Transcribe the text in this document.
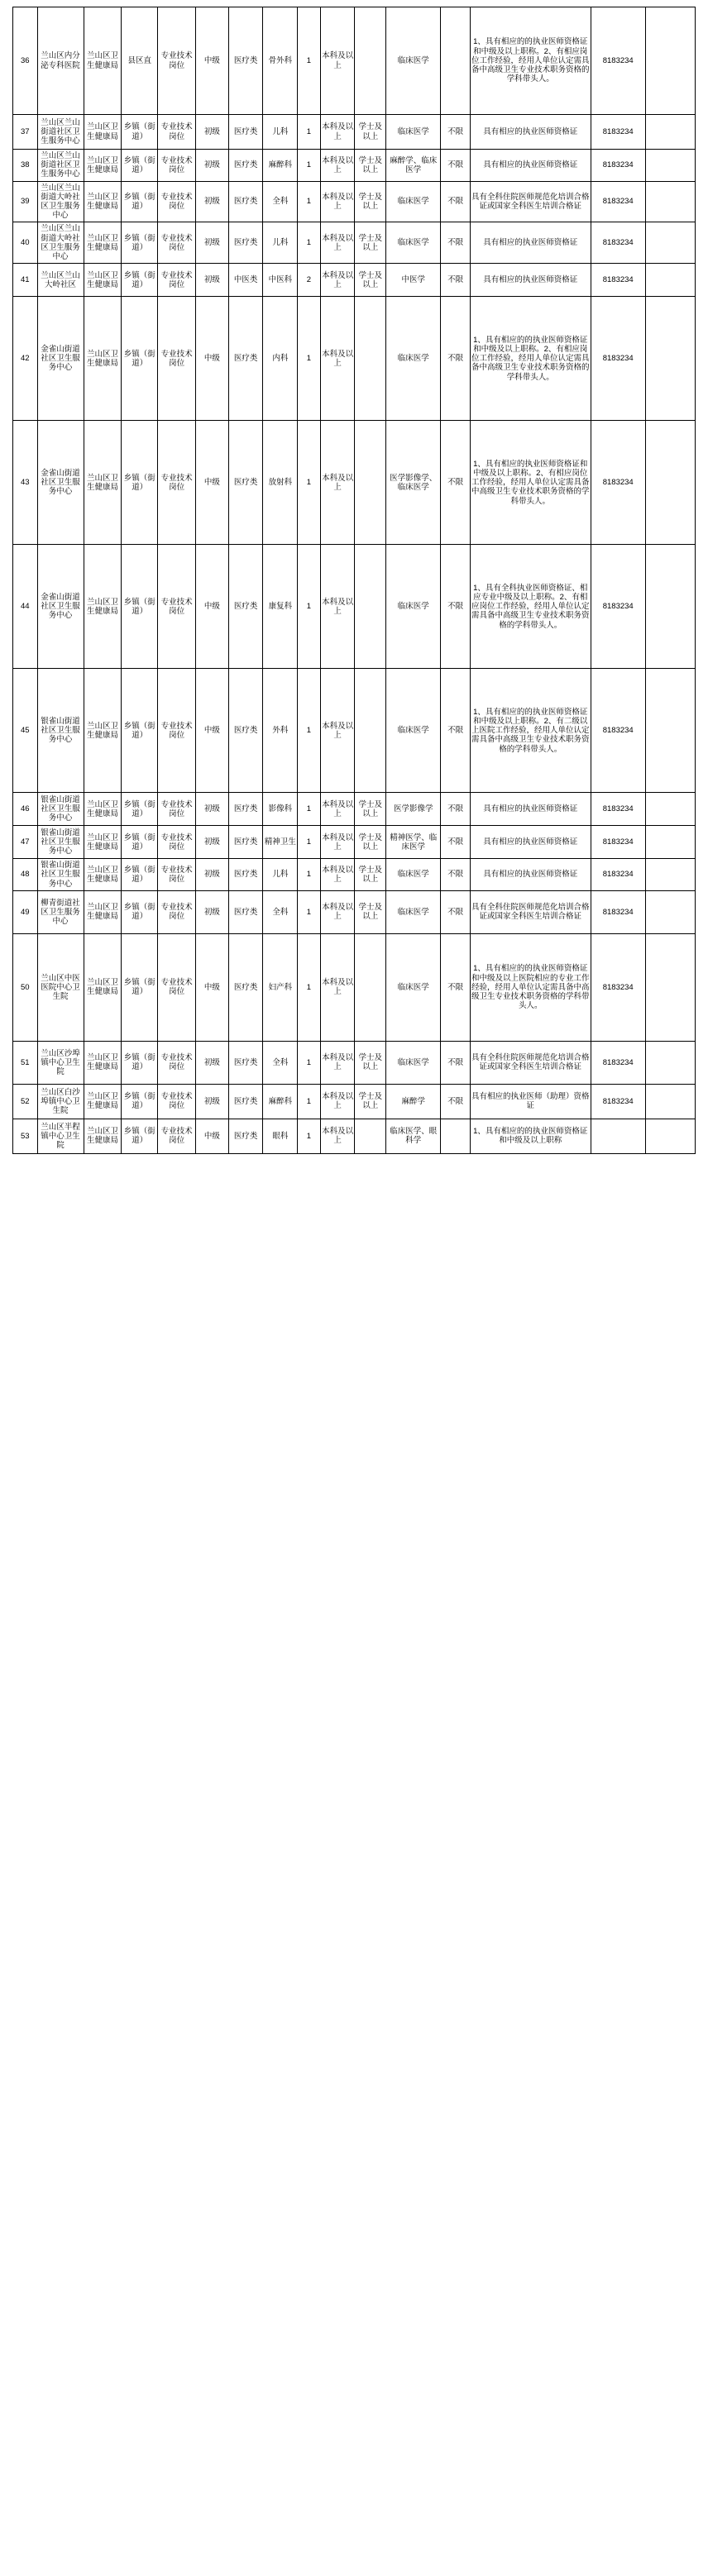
36	兰山区内分泌专科医院	兰山区卫生健康局	县区直	专业技术岗位	中级	医疗类	骨外科	1	本科及以上		临床医学		1、具有相应的的执业医师资格证和中级及以上职称。2、有相应岗位工作经验，经用人单位认定需具备中高级卫生专业技术职务资格的学科带头人。	8183234	
37	兰山区兰山街道社区卫生服务中心	兰山区卫生健康局	乡镇（街道）	专业技术岗位	初级	医疗类	儿科	1	本科及以上	学士及以上	临床医学	不限	具有相应的执业医师资格证	8183234	
38	兰山区兰山街道社区卫生服务中心	兰山区卫生健康局	乡镇（街道）	专业技术岗位	初级	医疗类	麻醉科	1	本科及以上	学士及以上	麻醉学、临床医学	不限	具有相应的执业医师资格证	8183234	
39	兰山区兰山街道大岭社区卫生服务中心	兰山区卫生健康局	乡镇（街道）	专业技术岗位	初级	医疗类	全科	1	本科及以上	学士及以上	临床医学	不限	具有全科住院医师规范化培训合格证或国家全科医生培训合格证	8183234	
40	兰山区兰山街道大岭社区卫生服务中心	兰山区卫生健康局	乡镇（街道）	专业技术岗位	初级	医疗类	儿科	1	本科及以上	学士及以上	临床医学	不限	具有相应的执业医师资格证	8183234	
41	兰山区兰山大岭社区	兰山区卫生健康局	乡镇（街道）	专业技术岗位	初级	中医类	中医科	2	本科及以上	学士及以上	中医学	不限	具有相应的执业医师资格证	8183234	
42	金雀山街道社区卫生服务中心	兰山区卫生健康局	乡镇（街道）	专业技术岗位	中级	医疗类	内科	1	本科及以上		临床医学	不限	1、具有相应的的执业医师资格证和中级及以上职称。2、有相应岗位工作经验，经用人单位认定需具备中高级卫生专业技术职务资格的学科带头人。	8183234	
43	金雀山街道社区卫生服务中心	兰山区卫生健康局	乡镇（街道）	专业技术岗位	中级	医疗类	放射科	1	本科及以上		医学影像学、临床医学	不限	1、具有相应的执业医师资格证和中级及以上职称。2、有相应岗位工作经验，经用人单位认定需具备中高级卫生专业技术职务资格的学科带头人。	8183234	
44	金雀山街道社区卫生服务中心	兰山区卫生健康局	乡镇（街道）	专业技术岗位	中级	医疗类	康复科	1	本科及以上		临床医学	不限	1、具有全科执业医师资格证、相应专业中级及以上职称。2、有相应岗位工作经验，经用人单位认定需具备中高级卫生专业技术职务资格的学科带头人。	8183234	
45	银雀山街道社区卫生服务中心	兰山区卫生健康局	乡镇（街道）	专业技术岗位	中级	医疗类	外科	1	本科及以上		临床医学	不限	1、具有相应的的执业医师资格证和中级及以上职称。2、有二级以上医院工作经验，经用人单位认定需具备中高级卫生专业技术职务资格的学科带头人。	8183234	
46	银雀山街道社区卫生服务中心	兰山区卫生健康局	乡镇（街道）	专业技术岗位	初级	医疗类	影像科	1	本科及以上	学士及以上	医学影像学	不限	具有相应的执业医师资格证	8183234	
47	银雀山街道社区卫生服务中心	兰山区卫生健康局	乡镇（街道）	专业技术岗位	初级	医疗类	精神卫生	1	本科及以上	学士及以上	精神医学、临床医学	不限	具有相应的执业医师资格证	8183234	
48	银雀山街道社区卫生服务中心	兰山区卫生健康局	乡镇（街道）	专业技术岗位	初级	医疗类	儿科	1	本科及以上	学士及以上	临床医学	不限	具有相应的执业医师资格证	8183234	
49	柳青街道社区卫生服务中心	兰山区卫生健康局	乡镇（街道）	专业技术岗位	初级	医疗类	全科	1	本科及以上	学士及以上	临床医学	不限	具有全科住院医师规范化培训合格证或国家全科医生培训合格证	8183234	
50	兰山区中医医院中心卫生院	兰山区卫生健康局	乡镇（街道）	专业技术岗位	中级	医疗类	妇产科	1	本科及以上		临床医学	不限	1、具有相应的的执业医师资格证和中级及以上医院相应的专业工作经验，经用人单位认定需具备中高级卫生专业技术职务资格的学科带头人。	8183234	
51	兰山区沙埠镇中心卫生院	兰山区卫生健康局	乡镇（街道）	专业技术岗位	初级	医疗类	全科	1	本科及以上	学士及以上	临床医学	不限	具有全科住院医师规范化培训合格证或国家全科医生培训合格证	8183234	
52	兰山区白沙埠镇中心卫生院	兰山区卫生健康局	乡镇（街道）	专业技术岗位	初级	医疗类	麻醉科	1	本科及以上	学士及以上	麻醉学	不限	具有相应的执业医师（助理）资格证	8183234	
53	兰山区半程镇中心卫生院	兰山区卫生健康局	乡镇（街道）	专业技术岗位	中级	医疗类	眼科	1	本科及以上		临床医学、眼科学		1、具有相应的的执业医师资格证和中级及以上职称		
